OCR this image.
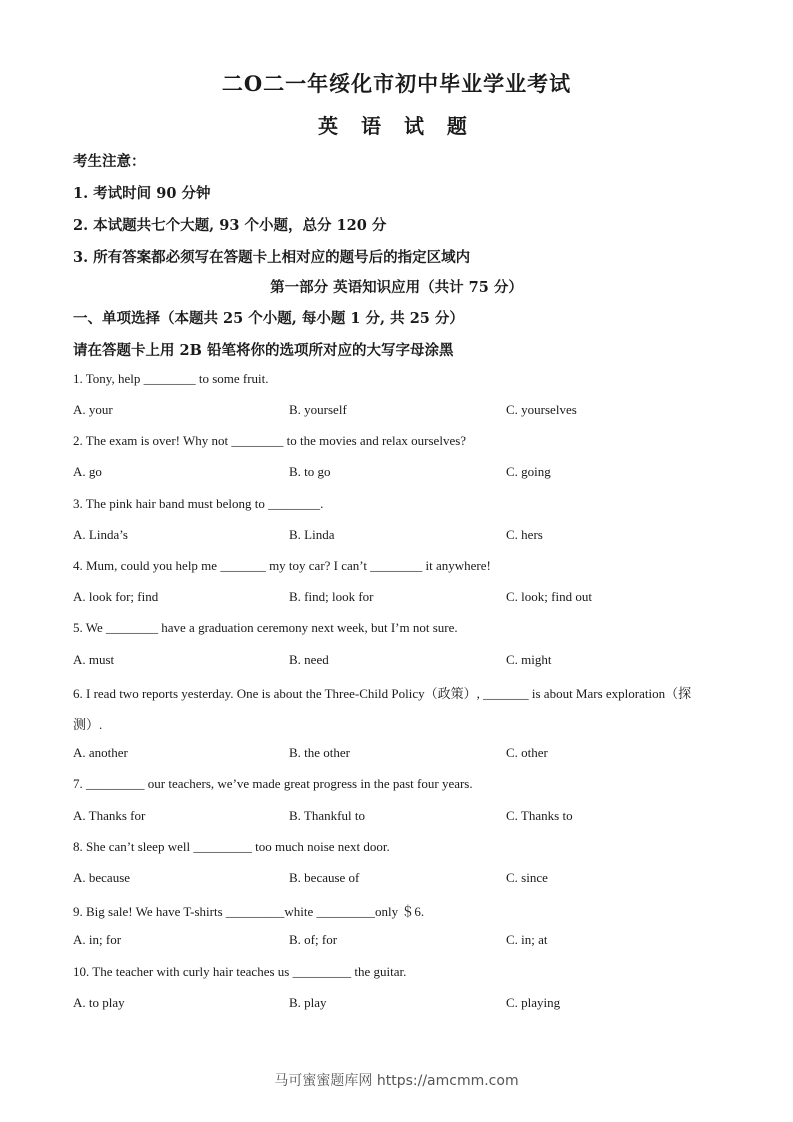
二O二一年绥化市初中毕业学业考试
英 语 试 题
考生注意：
1. 考试时间 90 分钟
2. 本试题共七个大题, 93 个小题，总分 120 分
3. 所有答案都必须写在答题卡上相对应的题号后的指定区域内
第一部分 英语知识应用（共计 75 分）
一、单项选择（本题共 25 个小题, 每小题 1 分, 共 25 分）
请在答题卡上用 2B 铅笔将你的选项所对应的大写字母涂黑
1. Tony, help ________ to some fruit.
A. your	B. yourself	C. yourselves
2. The exam is over! Why not ________ to the movies and relax ourselves?
A. go	B. to go	C. going
3. The pink hair band must belong to ________.
A. Linda’s	B. Linda	C. hers
4. Mum, could you help me _______ my toy car? I can’t ________ it anywhere!
A. look for; find	B. find; look for	C. look; find out
5. We ________ have a graduation ceremony next week, but I’m not sure.
A. must	B. need	C. might
6. I read two reports yesterday. One is about the Three-Child Policy（政策）, _______ is about Mars exploration（探
测）.
A. another	B. the other	C. other
7. _________ our teachers, we’ve made great progress in the past four years.
A. Thanks for	B. Thankful to	C. Thanks to
8. She can’t sleep well _________ too much noise next door.
A. because	B. because of	C. since
9. Big sale! We have T-shirts _________white _________only ＄6.
A. in; for	B. of; for	C. in; at
10. The teacher with curly hair teaches us _________ the guitar.
A. to play	B. play	C. playing
马可蜜蜜题库网 https://amcmm.com
